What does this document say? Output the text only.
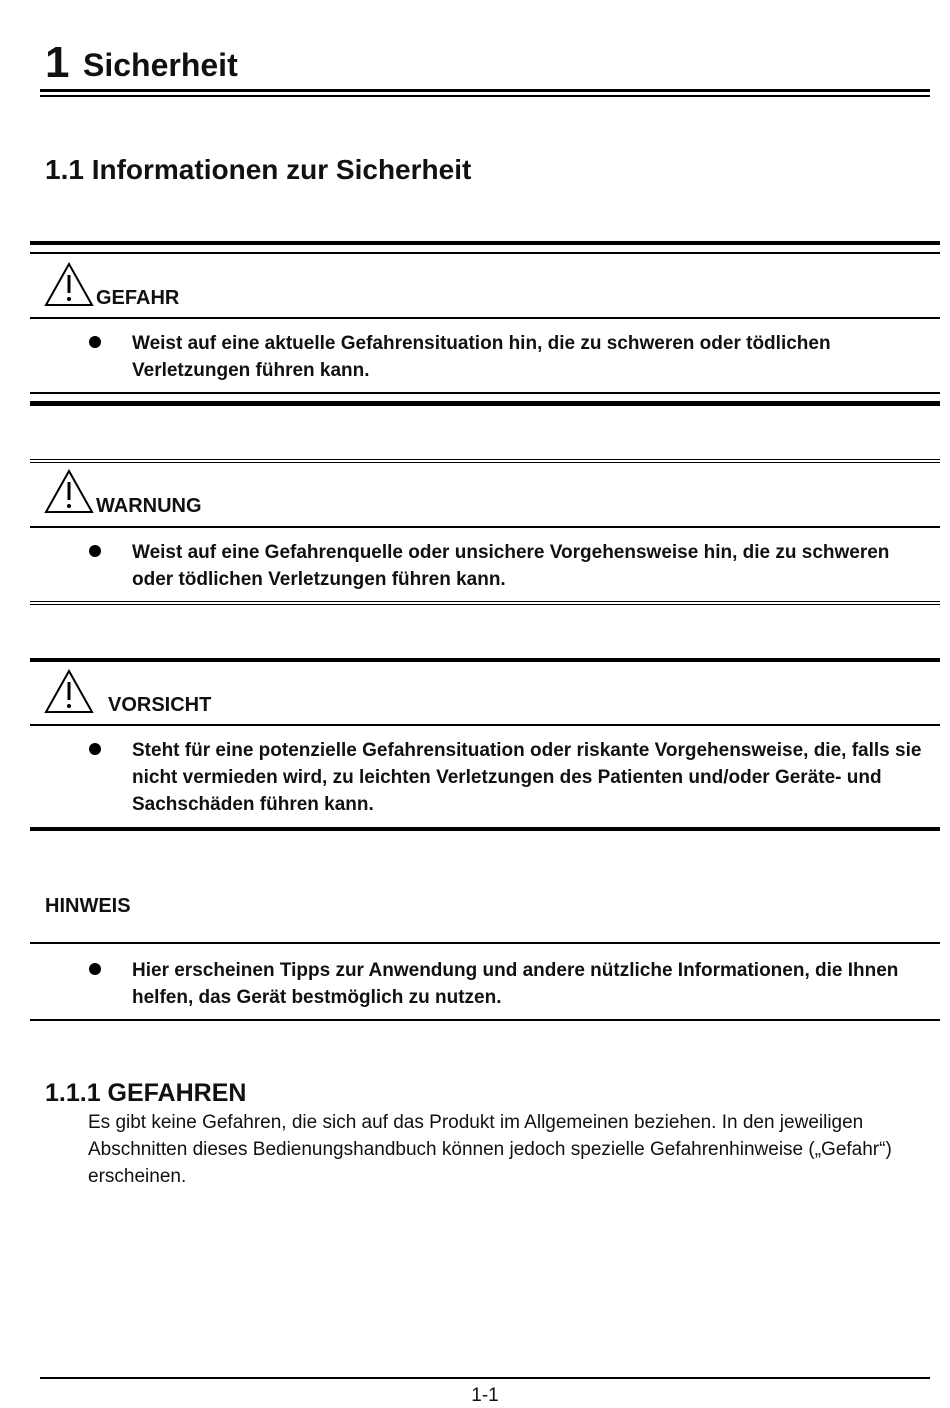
1 Sicherheit
1.1 Informationen zur Sicherheit
GEFAHR
Weist auf eine aktuelle Gefahrensituation hin, die zu schweren oder tödlichen Verletzungen führen kann.
WARNUNG
Weist auf eine Gefahrenquelle oder unsichere Vorgehensweise hin, die zu schweren oder tödlichen Verletzungen führen kann.
VORSICHT
Steht für eine potenzielle Gefahrensituation oder riskante Vorgehensweise, die, falls sie nicht vermieden wird, zu leichten Verletzungen des Patienten und/oder Geräte- und Sachschäden führen kann.
HINWEIS
Hier erscheinen Tipps zur Anwendung und andere nützliche Informationen, die Ihnen helfen, das Gerät bestmöglich zu nutzen.
1.1.1 GEFAHREN
Es gibt keine Gefahren, die sich auf das Produkt im Allgemeinen beziehen. In den jeweiligen Abschnitten dieses Bedienungshandbuch können jedoch spezielle Gefahrenhinweise („Gefahr“) erscheinen.
1-1
